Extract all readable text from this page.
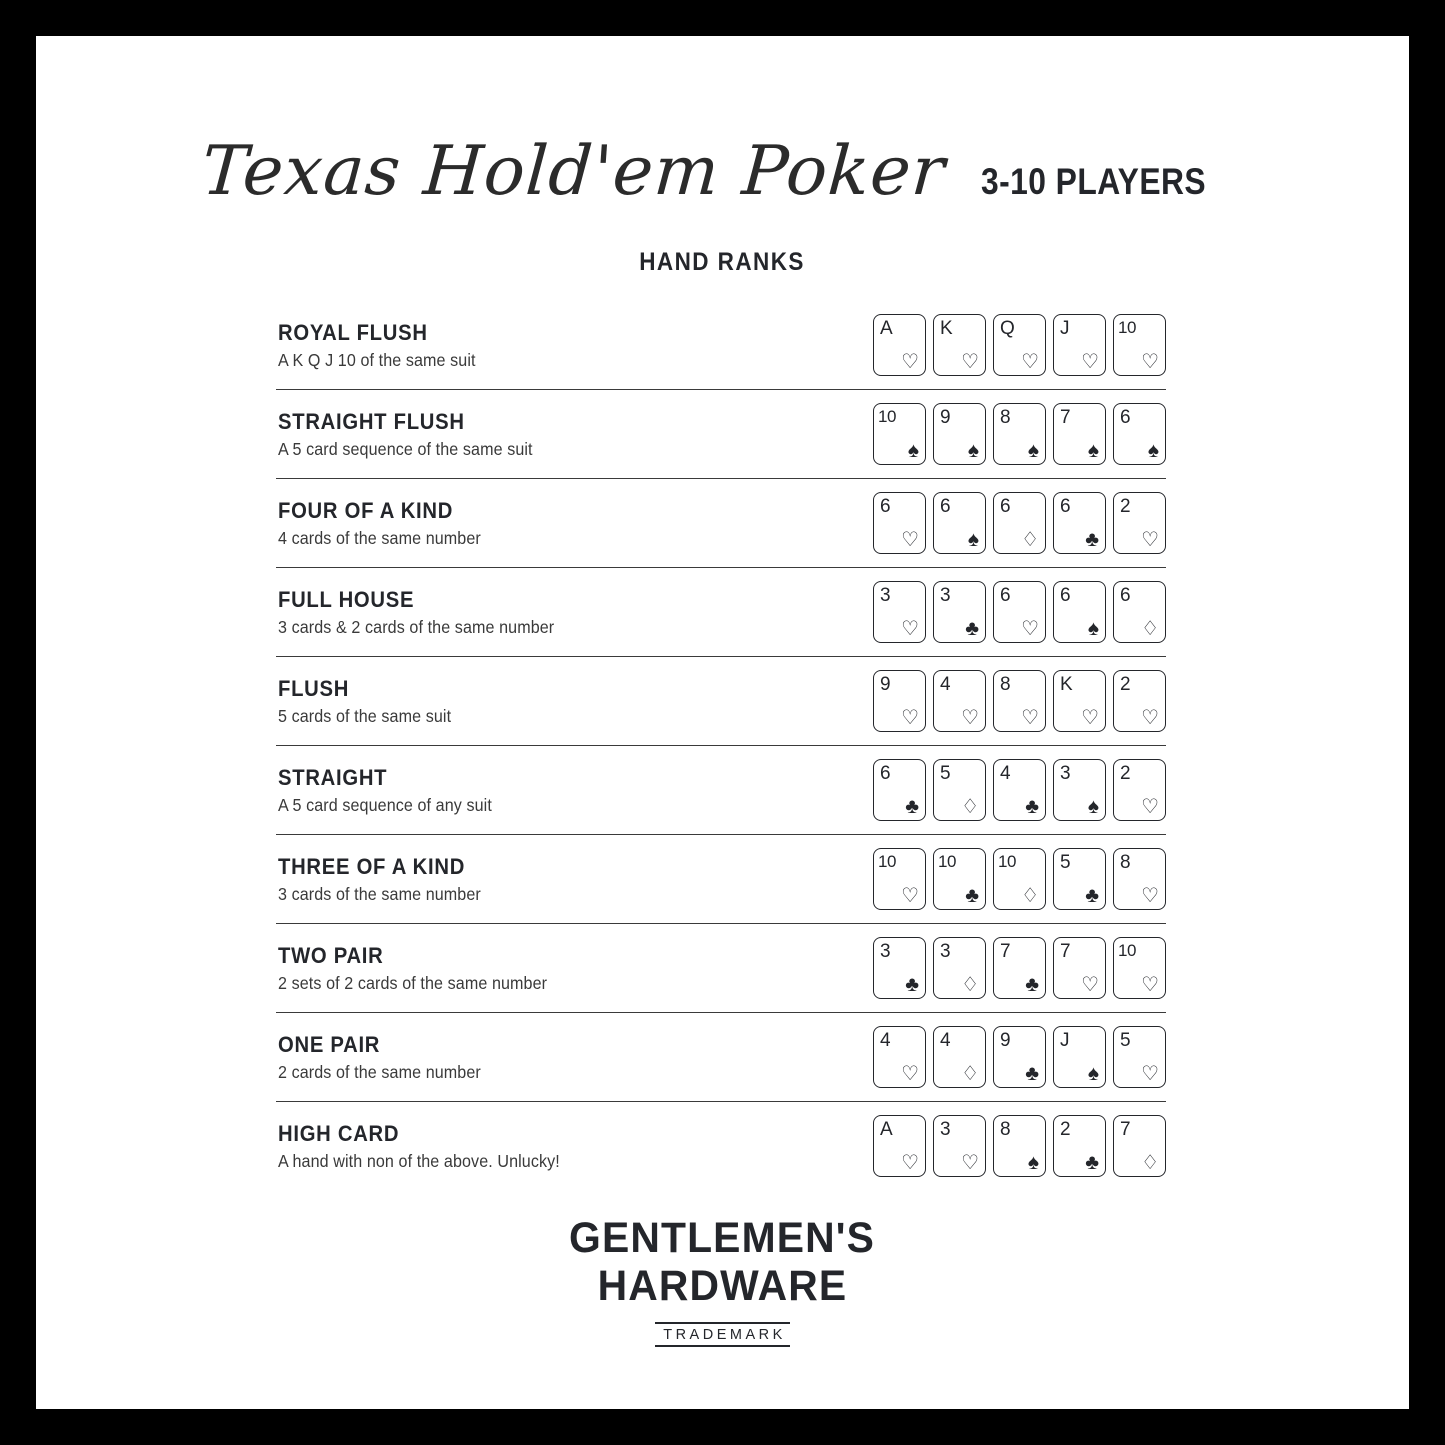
Texas Hold'em Poker 3-10 PLAYERS
HAND RANKS
ROYAL FLUSH
A K Q J 10 of the same suit
A
♡
K
♡
Q
♡
J
♡
10
♡
STRAIGHT FLUSH
A 5 card sequence of the same suit
10
♠
9
♠
8
♠
7
♠
6
♠
FOUR OF A KIND
4 cards of the same number
6
♡
6
♠
6
♢
6
♣
2
♡
FULL HOUSE
3 cards & 2 cards of the same number
3
♡
3
♣
6
♡
6
♠
6
♢
FLUSH
5 cards of the same suit
9
♡
4
♡
8
♡
K
♡
2
♡
STRAIGHT
A 5 card sequence of any suit
6
♣
5
♢
4
♣
3
♠
2
♡
THREE OF A KIND
3 cards of the same number
10
♡
10
♣
10
♢
5
♣
8
♡
TWO PAIR
2 sets of 2 cards of the same number
3
♣
3
♢
7
♣
7
♡
10
♡
ONE PAIR
2 cards of the same number
4
♡
4
♢
9
♣
J
♠
5
♡
HIGH CARD
A hand with non of the above. Unlucky!
A
♡
3
♡
8
♠
2
♣
7
♢
GENTLEMEN'S
HARDWARE
TRADEMARK
